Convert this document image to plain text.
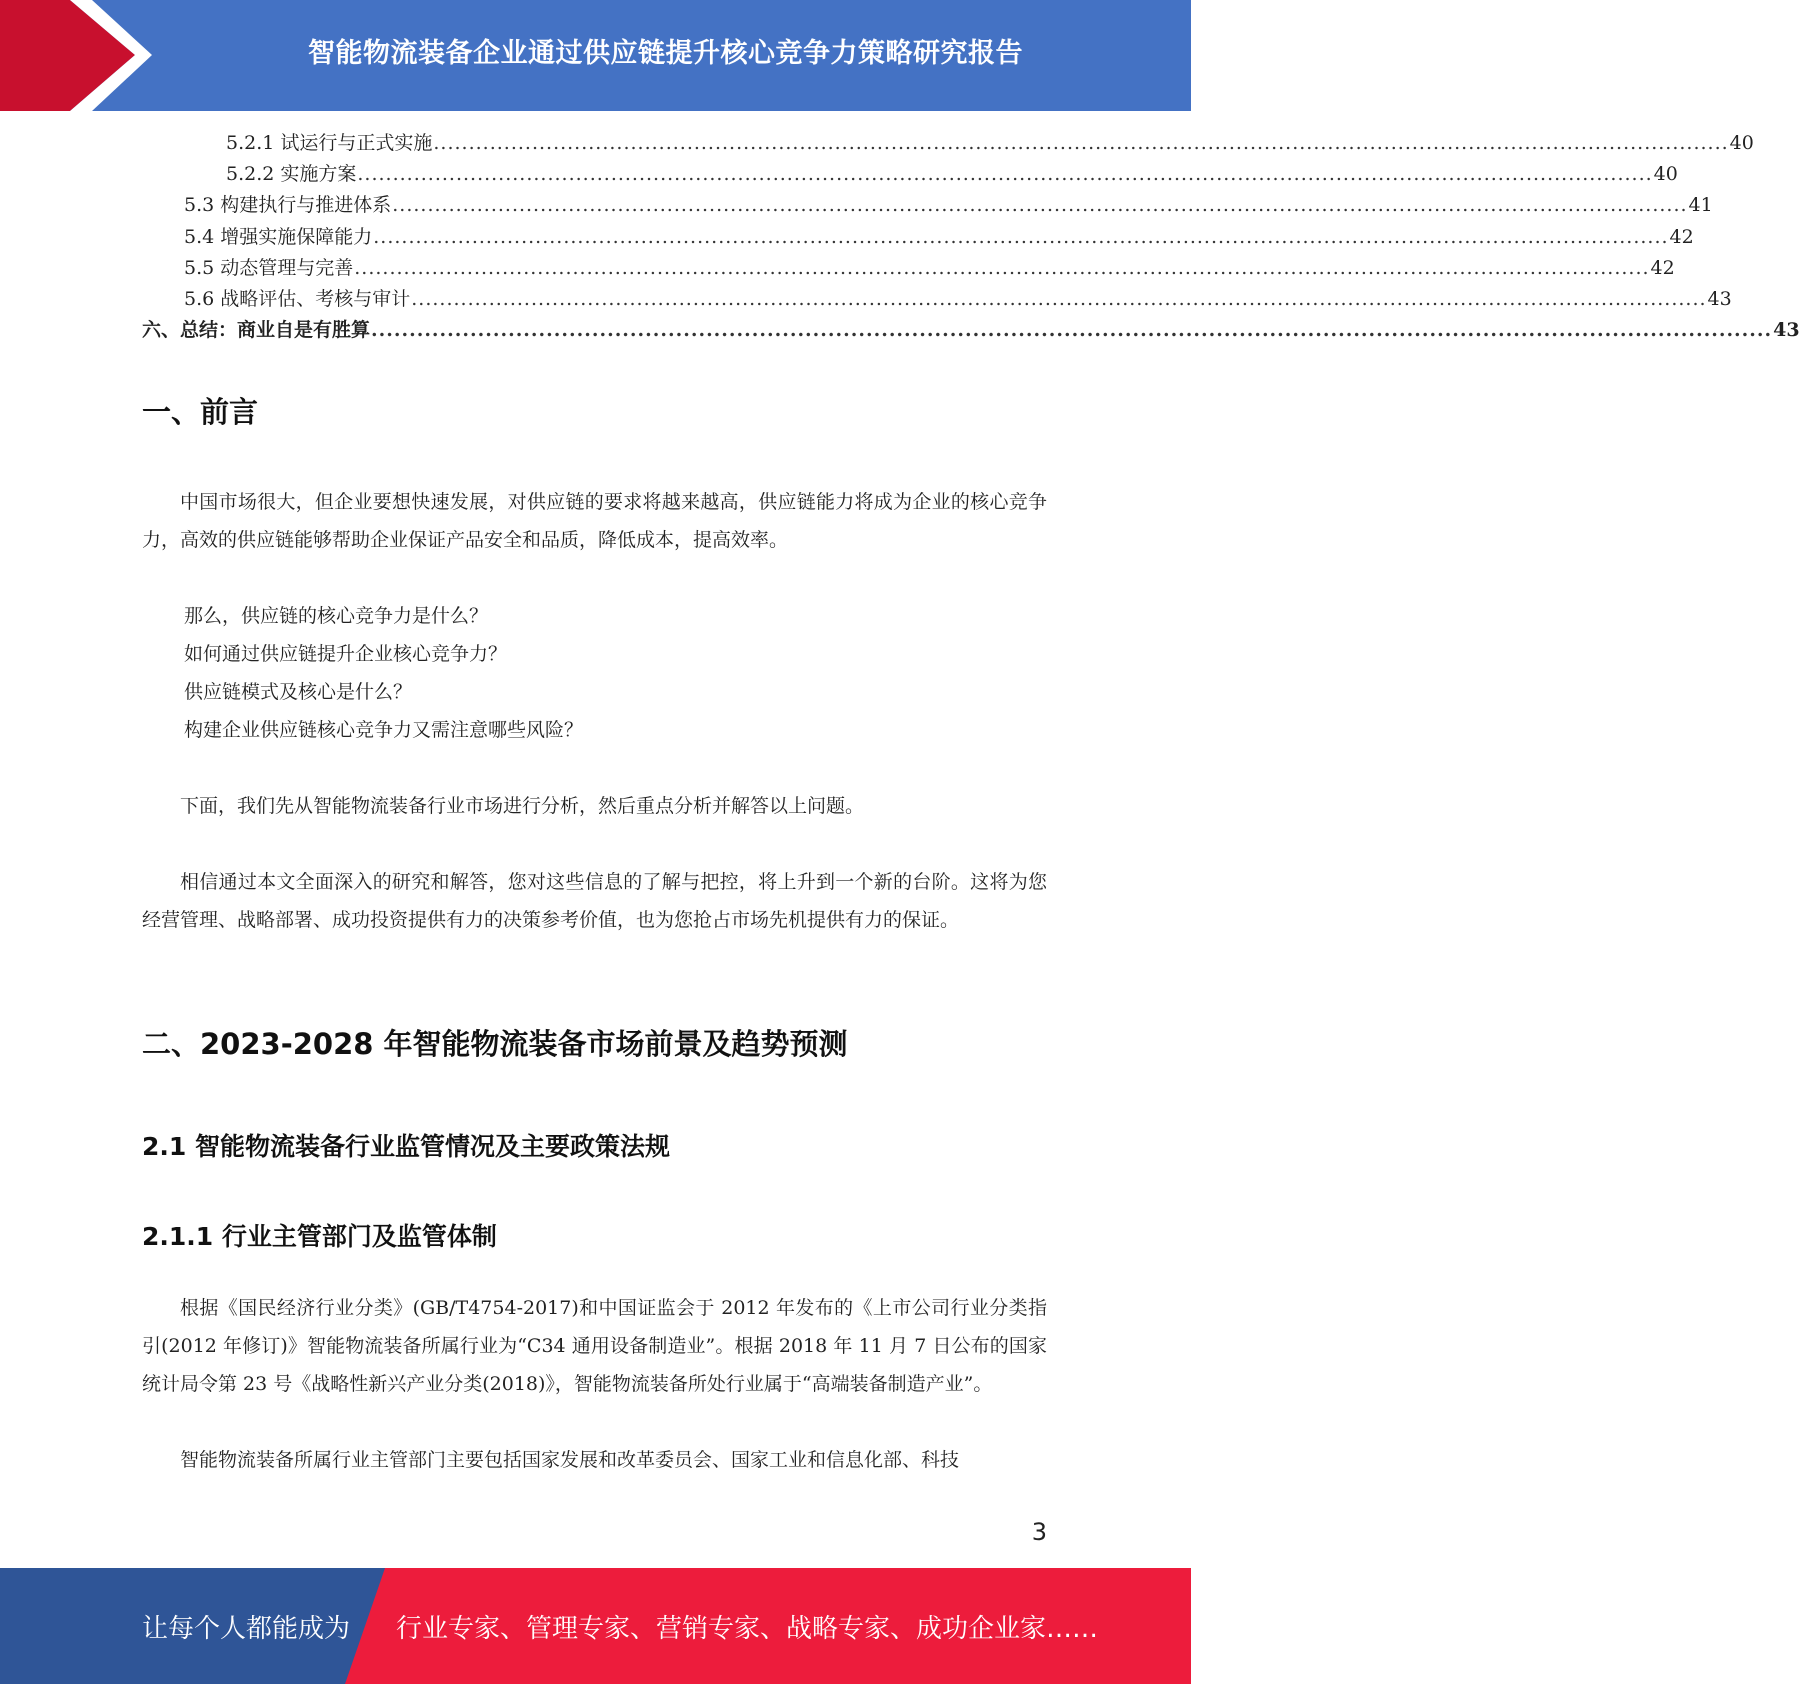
智能物流装备企业通过供应链提升核心竞争力策略研究报告
5.2.1 试运行与正式实施 ........................................................................................................................................................................................ 40
5.2.2 实施方案 ........................................................................................................................................................................................ 40
5.3 构建执行与推进体系 ........................................................................................................................................................................................ 41
5.4 增强实施保障能力 ........................................................................................................................................................................................ 42
5.5 动态管理与完善 ........................................................................................................................................................................................ 42
5.6 战略评估、考核与审计 ........................................................................................................................................................................................ 43
六、总结：商业自是有胜算 ........................................................................................................................................................................................ 43
一、前言

中国市场很大，但企业要想快速发展，对供应链的要求将越来越高，供应链能力将成为企业的核心竞争力，高效的供应链能够帮助企业保证产品安全和品质，降低成本，提高效率。

那么，供应链的核心竞争力是什么？

如何通过供应链提升企业核心竞争力？

供应链模式及核心是什么？

构建企业供应链核心竞争力又需注意哪些风险？

下面，我们先从智能物流装备行业市场进行分析，然后重点分析并解答以上问题。

相信通过本文全面深入的研究和解答，您对这些信息的了解与把控，将上升到一个新的台阶。这将为您经营管理、战略部署、成功投资提供有力的决策参考价值，也为您抢占市场先机提供有力的保证。

二、2023-2028 年智能物流装备市场前景及趋势预测
2.1 智能物流装备行业监管情况及主要政策法规
2.1.1 行业主管部门及监管体制

根据《国民经济行业分类》(GB/T4754-2017)和中国证监会于 2012 年发布的《上市公司行业分类指引(2012 年修订)》智能物流装备所属行业为“C34 通用设备制造业”。根据 2018 年 11 月 7 日公布的国家统计局令第 23 号《战略性新兴产业分类(2018)》，智能物流装备所处行业属于“高端装备制造产业”。

智能物流装备所属行业主管部门主要包括国家发展和改革委员会、国家工业和信息化部、科技

3
让每个人都能成为 行业专家、管理专家、营销专家、战略专家、成功企业家……
